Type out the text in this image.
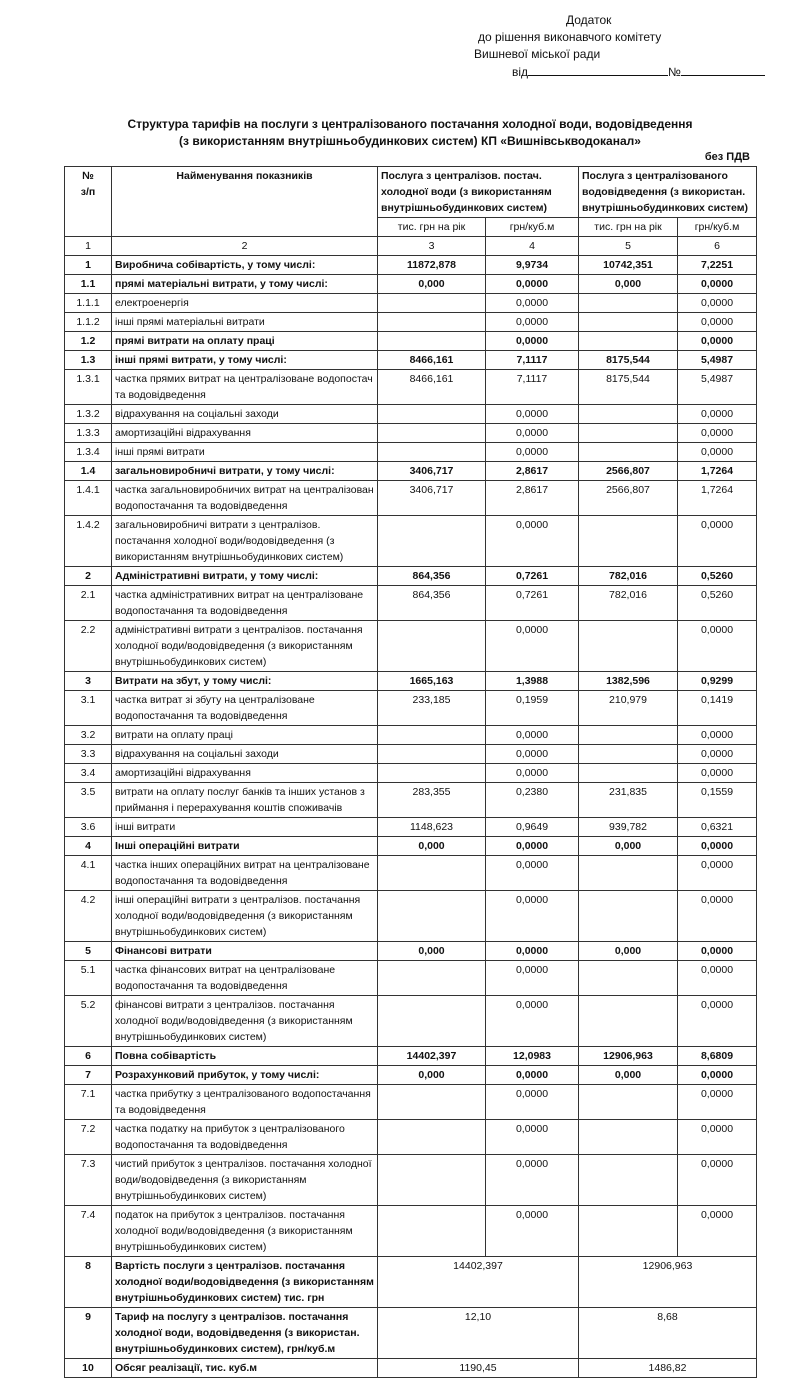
Додаток
до рішення виконавчого комітету
Вишневої міської ради
від	№
Структура тарифів на послуги з централізованого постачання холодної води, водовідведення
(з використанням внутрішньобудинкових систем) КП «Вишнівськводоканал»
без ПДВ
№
з/п	Найменування показників	Послуга з централізов. постач. холодної води (з використанням внутрішньобудинкових систем)		Послуга з централізованого водовідведення (з використан. внутрішньобудинкових систем)	
		тис. грн на рік	грн/куб.м	тис. грн на рік	грн/куб.м
1	2	3	4	5	6
1	Виробнича собівартість, у тому числі:	11872,878	9,9734	10742,351	7,2251
1.1	прямі матеріальні витрати, у тому числі:	0,000	0,0000	0,000	0,0000
1.1.1	електроенергія		0,0000		0,0000
1.1.2	інші прямі матеріальні витрати		0,0000		0,0000
1.2	прямі витрати на оплату праці		0,0000		0,0000
1.3	інші прямі витрати, у тому числі:	8466,161	7,1117	8175,544	5,4987
1.3.1	частка прямих витрат на централізоване водопостач та водовідведення	8466,161	7,1117	8175,544	5,4987
1.3.2	відрахування на соціальні заходи		0,0000		0,0000
1.3.3	амортизаційні відрахування		0,0000		0,0000
1.3.4	інші прямі витрати		0,0000		0,0000
1.4	загальновиробничі витрати, у тому числі:	3406,717	2,8617	2566,807	1,7264
1.4.1	частка загальновиробничих витрат на централізован водопостачання та водовідведення	3406,717	2,8617	2566,807	1,7264
1.4.2	загальновиробничі витрати з централізов. постачання холодної води/водовідведення (з використанням внутрішньобудинкових систем)		0,0000		0,0000
2	Адміністративні витрати, у тому числі:	864,356	0,7261	782,016	0,5260
2.1	частка адміністративних витрат на централізоване водопостачання та водовідведення	864,356	0,7261	782,016	0,5260
2.2	адміністративні витрати з централізов. постачання холодної води/водовідведення (з використанням внутрішньобудинкових систем)		0,0000		0,0000
3	Витрати на збут, у тому числі:	1665,163	1,3988	1382,596	0,9299
3.1	частка витрат зі збуту на централізоване водопостачання та водовідведення	233,185	0,1959	210,979	0,1419
3.2	витрати на оплату праці		0,0000		0,0000
3.3	відрахування на соціальні заходи		0,0000		0,0000
3.4	амортизаційні відрахування		0,0000		0,0000
3.5	витрати на оплату послуг банків та інших установ з приймання і перерахування коштів споживачів	283,355	0,2380	231,835	0,1559
3.6	інші витрати	1148,623	0,9649	939,782	0,6321
4	Інші операційні витрати	0,000	0,0000	0,000	0,0000
4.1	частка інших операційних витрат на централізоване водопостачання та водовідведення		0,0000		0,0000
4.2	інші операційні витрати з централізов. постачання холодної води/водовідведення (з використанням внутрішньобудинкових систем)		0,0000		0,0000
5	Фінансові витрати	0,000	0,0000	0,000	0,0000
5.1	частка фінансових витрат на централізоване водопостачання та водовідведення		0,0000		0,0000
5.2	фінансові витрати з централізов. постачання холодної води/водовідведення (з використанням внутрішньобудинкових систем)		0,0000		0,0000
6	Повна собівартість	14402,397	12,0983	12906,963	8,6809
7	Розрахунковий прибуток, у тому числі:	0,000	0,0000	0,000	0,0000
7.1	частка прибутку з централізованого водопостачання та водовідведення		0,0000		0,0000
7.2	частка податку на прибуток з централізованого водопостачання та водовідведення		0,0000		0,0000
7.3	чистий прибуток з централізов. постачання холодної води/водовідведення (з використанням внутрішньобудинкових систем)		0,0000		0,0000
7.4	податок на прибуток з централізов. постачання холодної води/водовідведення (з використанням внутрішньобудинкових систем)		0,0000		0,0000
8	Вартість послуги з централізов. постачання холодної води/водовідведення (з використанням внутрішньобудинкових систем) тис. грн	14402,397		12906,963	
9	Тариф на послугу з централізов. постачання холодної води, водовідведення (з використан. внутрішньобудинкових систем), грн/куб.м	12,10		8,68	
10	Обсяг реалізації, тис. куб.м	1190,45		1486,82	
